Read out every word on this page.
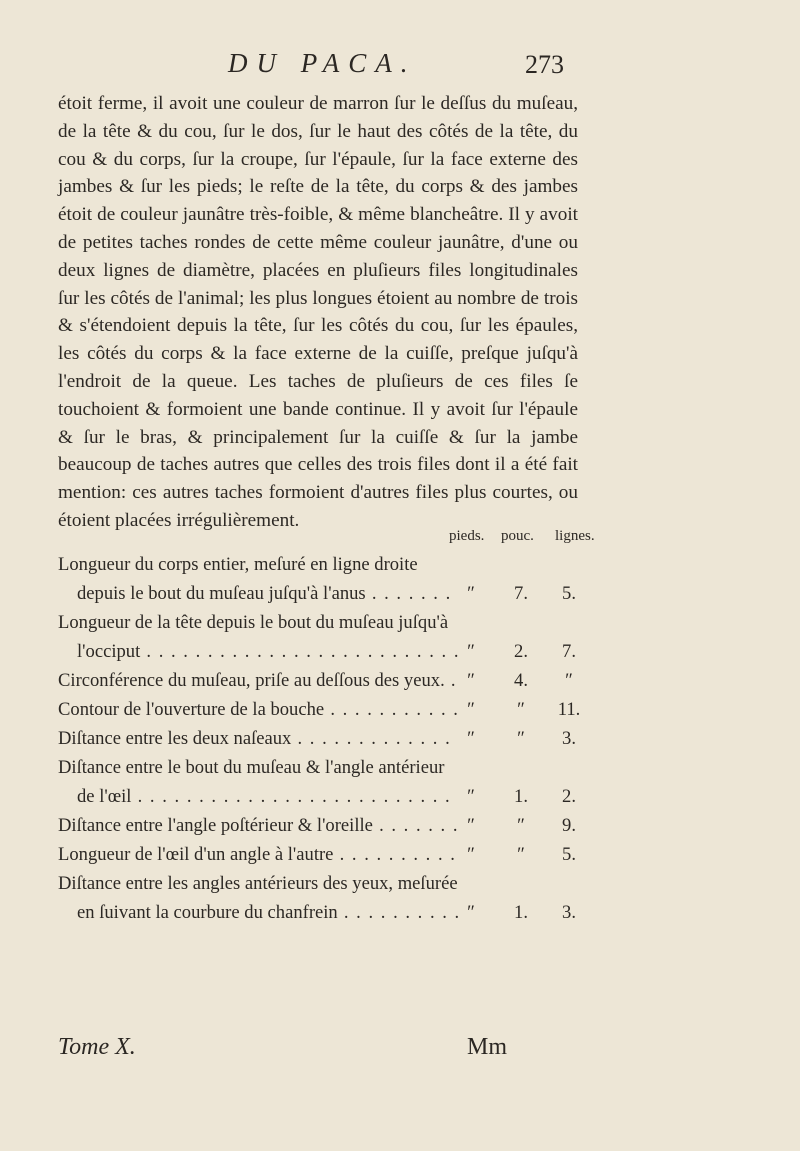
DU PACA.	273
étoit ferme, il avoit une couleur de marron ſur le deſſus du muſeau, de la tête & du cou, ſur le dos, ſur le haut des côtés de la tête, du cou & du corps, ſur la croupe, ſur l'épaule, ſur la face externe des jambes & ſur les pieds; le reſte de la tête, du corps & des jambes étoit de couleur jaunâtre très-foible, & même blancheâtre. Il y avoit de petites taches rondes de cette même couleur jaunâtre, d'une ou deux lignes de diamètre, placées en pluſieurs files longitudinales ſur les côtés de l'animal; les plus longues étoient au nombre de trois & s'étendoient depuis la tête, ſur les côtés du cou, ſur les épaules, les côtés du corps & la face externe de la cuiſſe, preſque juſqu'à l'endroit de la queue. Les taches de pluſieurs de ces files ſe touchoient & formoient une bande continue. Il y avoit ſur l'épaule & ſur le bras, & principalement ſur la cuiſſe & ſur la jambe beaucoup de taches autres que celles des trois files dont il a été fait mention: ces autres taches formoient d'autres files plus courtes, ou étoient placées irrégulièrement.
pieds. pouc. lignes.
Longueur du corps entier, meſuré en ligne droite
depuis le bout du muſeau juſqu'à l'anus . . .	″	7.	5.
Longueur de la tête depuis le bout du muſeau juſqu'à
l'occiput . . .	″	2.	7.
Circonférence du muſeau, priſe au deſſous des yeux. . . .	″	4.	″
Contour de l'ouverture de la bouche . . .	″	″	11.
Diſtance entre les deux naſeaux . . .	″	″	3.
Diſtance entre le bout du muſeau & l'angle antérieur
de l'œil . . .	″	1.	2.
Diſtance entre l'angle poſtérieur & l'oreille . . .	″	″	9.
Longueur de l'œil d'un angle à l'autre . . .	″	″	5.
Diſtance entre les angles antérieurs des yeux, meſurée
en ſuivant la courbure du chanfrein . . .	″	1.	3.
Tome X.	Mm
